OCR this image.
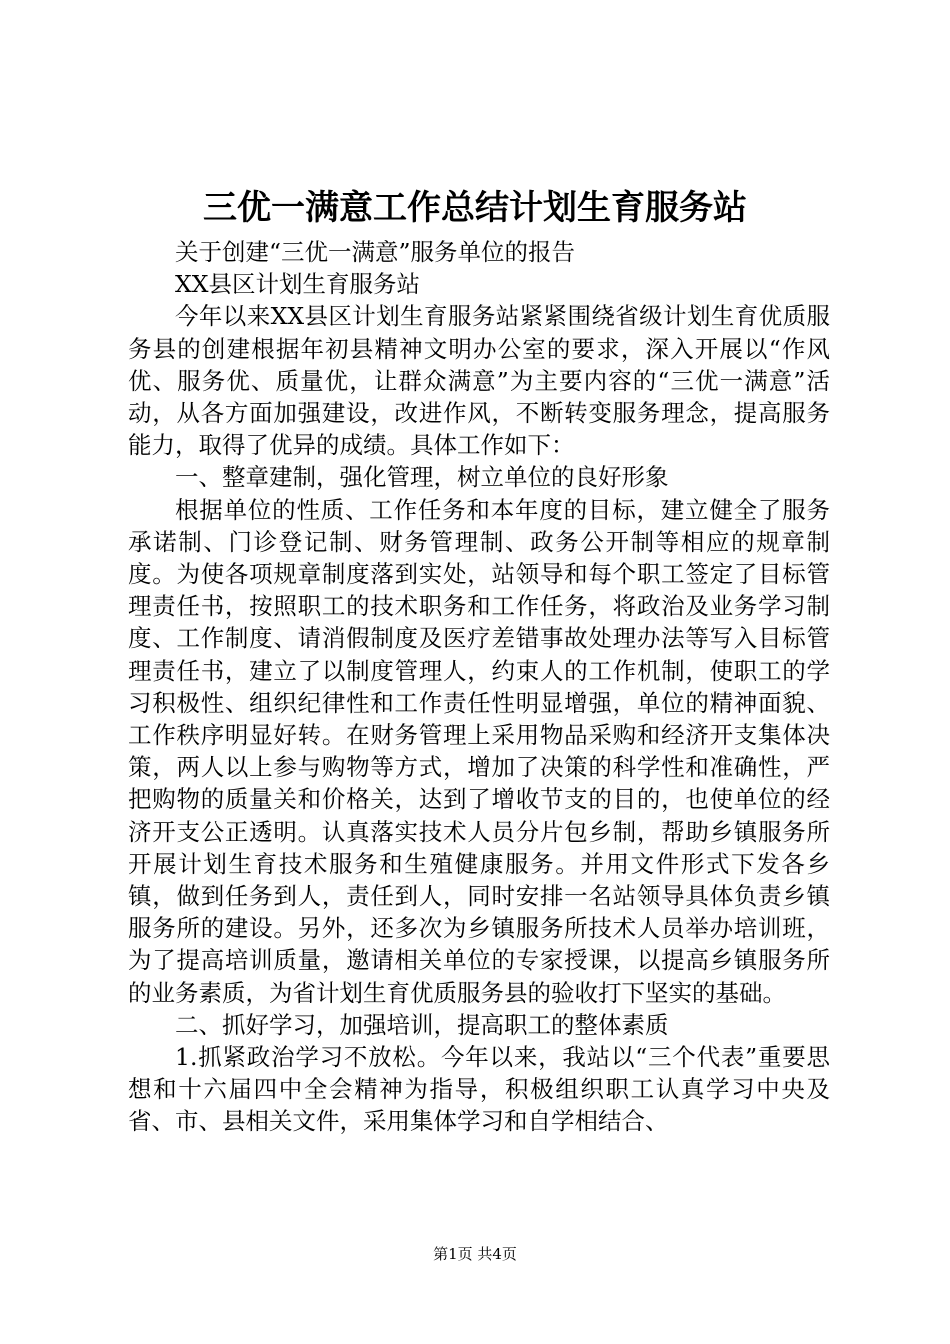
三优一满意工作总结计划生育服务站

关于创建“三优一满意”服务单位的报告

XX县区计划生育服务站

今年以来XX县区计划生育服务站紧紧围绕省级计划生育优质服务县的创建根据年初县精神文明办公室的要求，深入开展以“作风优、服务优、质量优，让群众满意”为主要内容的“三优一满意”活动，从各方面加强建设，改进作风，不断转变服务理念，提高服务能力，取得了优异的成绩。具体工作如下：

一、整章建制，强化管理，树立单位的良好形象

根据单位的性质、工作任务和本年度的目标，建立健全了服务承诺制、门诊登记制、财务管理制、政务公开制等相应的规章制度。为使各项规章制度落到实处，站领导和每个职工签定了目标管理责任书，按照职工的技术职务和工作任务，将政治及业务学习制度、工作制度、请消假制度及医疗差错事故处理办法等写入目标管理责任书，建立了以制度管理人，约束人的工作机制，使职工的学习积极性、组织纪律性和工作责任性明显增强，单位的精神面貌、工作秩序明显好转。在财务管理上采用物品采购和经济开支集体决策，两人以上参与购物等方式，增加了决策的科学性和准确性，严把购物的质量关和价格关，达到了增收节支的目的，也使单位的经济开支公正透明。认真落实技术人员分片包乡制，帮助乡镇服务所开展计划生育技术服务和生殖健康服务。并用文件形式下发各乡镇，做到任务到人，责任到人，同时安排一名站领导具体负责乡镇服务所的建设。另外，还多次为乡镇服务所技术人员举办培训班，为了提高培训质量，邀请相关单位的专家授课，以提高乡镇服务所的业务素质，为省计划生育优质服务县的验收打下坚实的基础。

二、抓好学习，加强培训，提高职工的整体素质

1.抓紧政治学习不放松。今年以来，我站以“三个代表”重要思想和十六届四中全会精神为指导，积极组织职工认真学习中央及省、市、县相关文件，采用集体学习和自学相结合、

第1页 共4页
